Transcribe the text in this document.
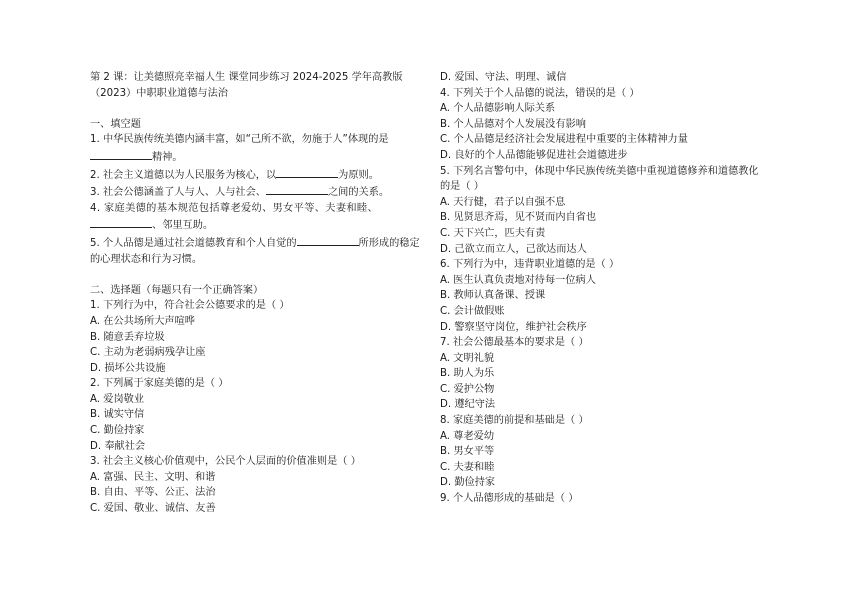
第 2 课：让美德照亮幸福人生 课堂同步练习 2024-2025 学年高教版
（2023）中职职业道德与法治
一、填空题
1. 中华民族传统美德内涵丰富，如“己所不欲，勿施于人”体现的是
精神。
2. 社会主义道德以为人民服务为核心，以	为原则。
3. 社会公德涵盖了人与人、人与社会、	之间的关系。
4. 家庭美德的基本规范包括尊老爱幼、男女平等、夫妻和睦、
、邻里互助。
5. 个人品德是通过社会道德教育和个人自觉的	所形成的稳定的心理状态和行为习惯。
二、选择题（每题只有一个正确答案）
1. 下列行为中，符合社会公德要求的是（ ）
A. 在公共场所大声喧哗
B. 随意丢弃垃圾
C. 主动为老弱病残孕让座
D. 损坏公共设施
2. 下列属于家庭美德的是（ ）
A. 爱岗敬业
B. 诚实守信
C. 勤俭持家
D. 奉献社会
3. 社会主义核心价值观中，公民个人层面的价值准则是（ ）
A. 富强、民主、文明、和谐
B. 自由、平等、公正、法治
C. 爱国、敬业、诚信、友善
D. 爱国、守法、明理、诚信
4. 下列关于个人品德的说法，错误的是（ ）
A. 个人品德影响人际关系
B. 个人品德对个人发展没有影响
C. 个人品德是经济社会发展进程中重要的主体精神力量
D. 良好的个人品德能够促进社会道德进步
5. 下列名言警句中，体现中华民族传统美德中重视道德修养和道德教化
的是（ ）
A. 天行健，君子以自强不息
B. 见贤思齐焉，见不贤而内自省也
C. 天下兴亡，匹夫有责
D. 己欲立而立人，己欲达而达人
6. 下列行为中，违背职业道德的是（ ）
A. 医生认真负责地对待每一位病人
B. 教师认真备课、授课
C. 会计做假账
D. 警察坚守岗位，维护社会秩序
7. 社会公德最基本的要求是（ ）
A. 文明礼貌
B. 助人为乐
C. 爱护公物
D. 遵纪守法
8. 家庭美德的前提和基础是（ ）
A. 尊老爱幼
B. 男女平等
C. 夫妻和睦
D. 勤俭持家
9. 个人品德形成的基础是（ ）
